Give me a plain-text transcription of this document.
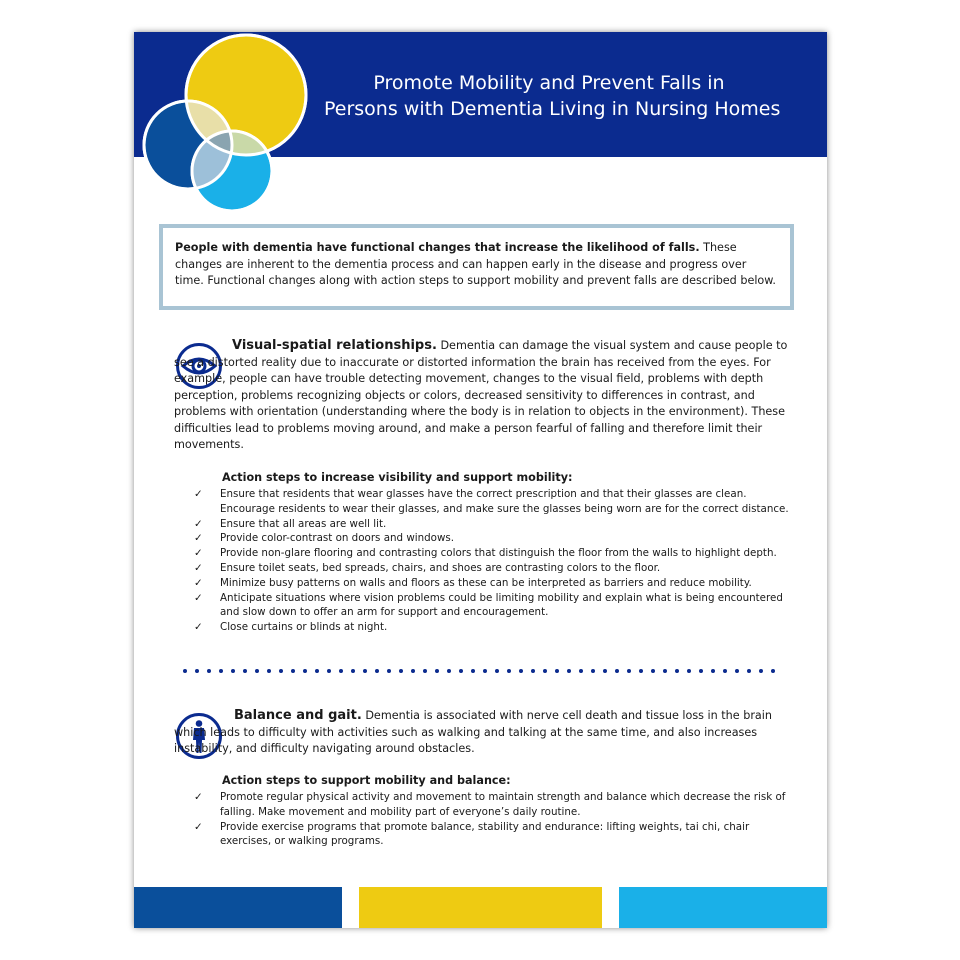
Promote Mobility and Prevent Falls in
Persons with Dementia Living in Nursing Homes
People with dementia have functional changes that increase the likelihood of falls. These changes are inherent to the dementia process and can happen early in the disease and progress over time. Functional changes along with action steps to support mobility and prevent falls are described below.
Visual-spatial relationships. Dementia can damage the visual system and cause people to see a distorted reality due to inaccurate or distorted information the brain has received from the eyes. For example, people can have trouble detecting movement, changes to the visual field, problems with depth perception, problems recognizing objects or colors, decreased sensitivity to differences in contrast, and problems with orientation (understanding where the body is in relation to objects in the environment). These difficulties lead to problems moving around, and make a person fearful of falling and therefore limit their movements.
Action steps to increase visibility and support mobility:
✓ Ensure that residents that wear glasses have the correct prescription and that their glasses are clean. Encourage residents to wear their glasses, and make sure the glasses being worn are for the correct distance.
✓ Ensure that all areas are well lit.
✓ Provide color-contrast on doors and windows.
✓ Provide non-glare flooring and contrasting colors that distinguish the floor from the walls to highlight depth.
✓ Ensure toilet seats, bed spreads, chairs, and shoes are contrasting colors to the floor.
✓ Minimize busy patterns on walls and floors as these can be interpreted as barriers and reduce mobility.
✓ Anticipate situations where vision problems could be limiting mobility and explain what is being encountered and slow down to offer an arm for support and encouragement.
✓ Close curtains or blinds at night.
Balance and gait. Dementia is associated with nerve cell death and tissue loss in the brain which leads to difficulty with activities such as walking and talking at the same time, and also increases instability, and difficulty navigating around obstacles.
Action steps to support mobility and balance:
✓ Promote regular physical activity and movement to maintain strength and balance which decrease the risk of falling. Make movement and mobility part of everyone’s daily routine.
✓ Provide exercise programs that promote balance, stability and endurance: lifting weights, tai chi, chair exercises, or walking programs.
